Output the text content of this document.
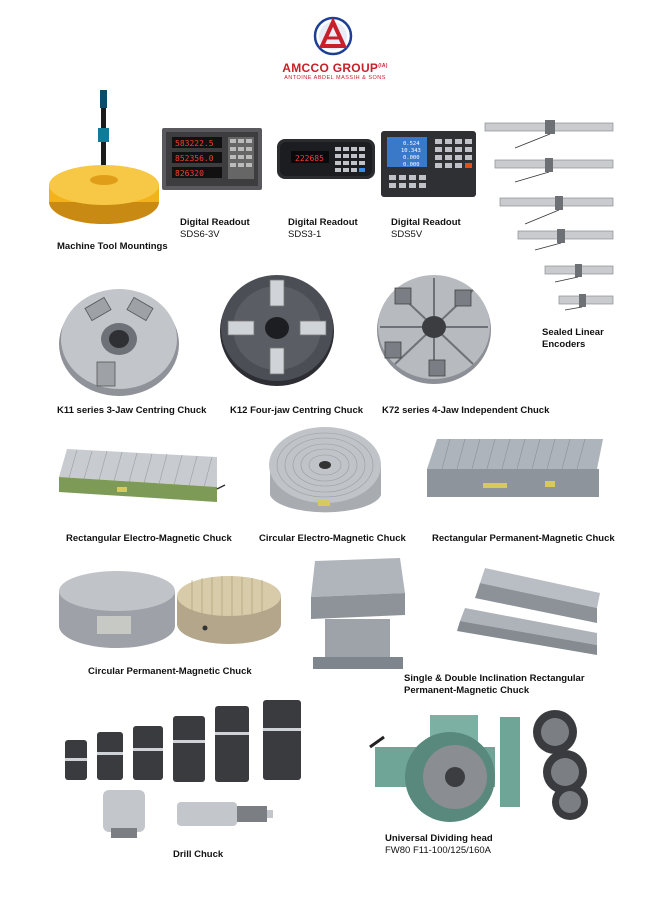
AMCCO $GROUP^{(IA)}$
ANTOINE ABDEL MASSIH & SONS
Machine Tool Mountings
583222.5
852356.0
826320
Digital Readout
SDS6-3V
222685
Digital Readout
SDS3-1
0.524
10.343
0.000
0.000
Digital Readout
SDS5V
Sealed Linear
Encoders
K11 series 3-Jaw Centring Chuck K12 Four-jaw Centring Chuck K72 series 4-Jaw Independent Chuck
Rectangular Electro-Magnetic Chuck	Circular Electro-Magnetic Chuck	Rectangular Permanent-Magnetic Chuck
Circular Permanent-Magnetic Chuck
Single & Double Inclination Rectangular
Permanent-Magnetic Chuck
Drill Chuck
Universal Dividing head
FW80 F11-100/125/160A
